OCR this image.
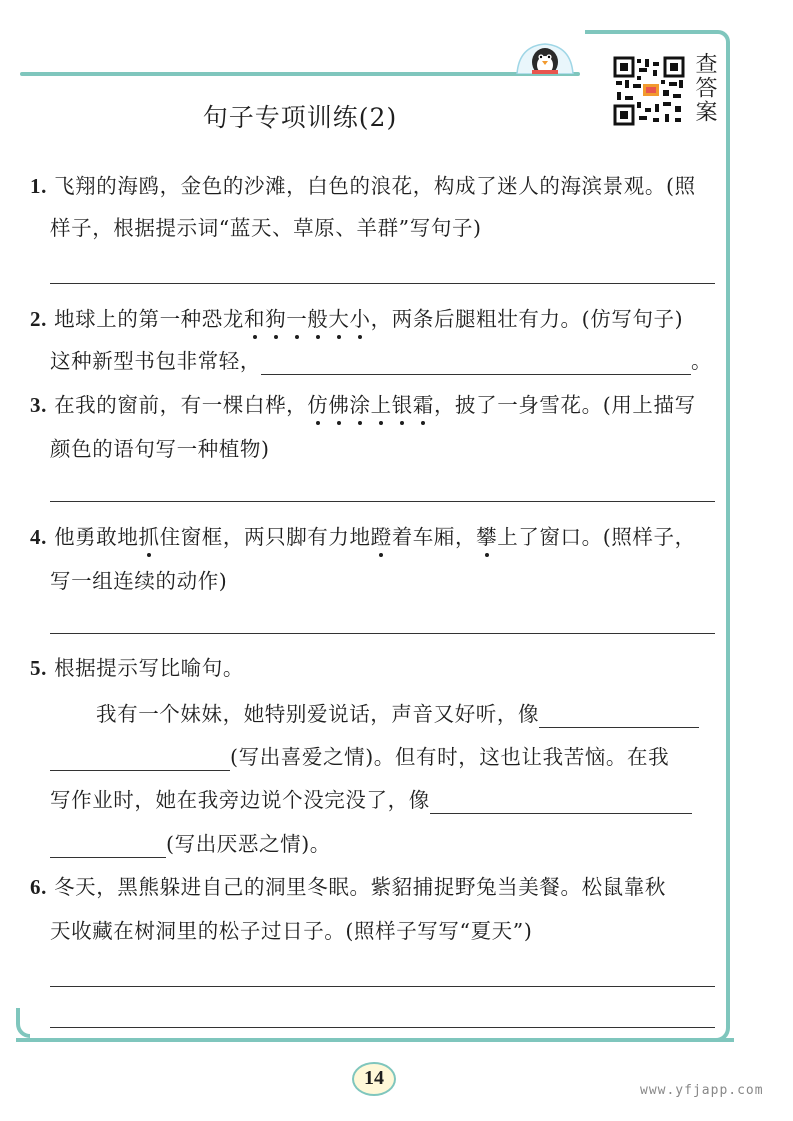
查答案
句子专项训练(2)
1. 飞翔的海鸥，金色的沙滩，白色的浪花，构成了迷人的海滨景观。(照
样子，根据提示词“蓝天、草原、羊群”写句子)
2. 地球上的第一种恐龙和狗一般大小，两条后腿粗壮有力。(仿写句子)
这种新型书包非常轻，	。
3. 在我的窗前，有一棵白桦，仿佛涂上银霜，披了一身雪花。(用上描写
颜色的语句写一种植物)
4. 他勇敢地抓住窗框，两只脚有力地蹬着车厢，攀上了窗口。(照样子，
写一组连续的动作)
5. 根据提示写比喻句。
我有一个妹妹，她特别爱说话，声音又好听，像
(写出喜爱之情)。但有时，这也让我苦恼。在我
写作业时，她在我旁边说个没完没了，像
(写出厌恶之情)。
6. 冬天，黑熊躲进自己的洞里冬眠。紫貂捕捉野兔当美餐。松鼠靠秋
天收藏在树洞里的松子过日子。(照样子写写“夏天”)
14
www.yfjapp.com
